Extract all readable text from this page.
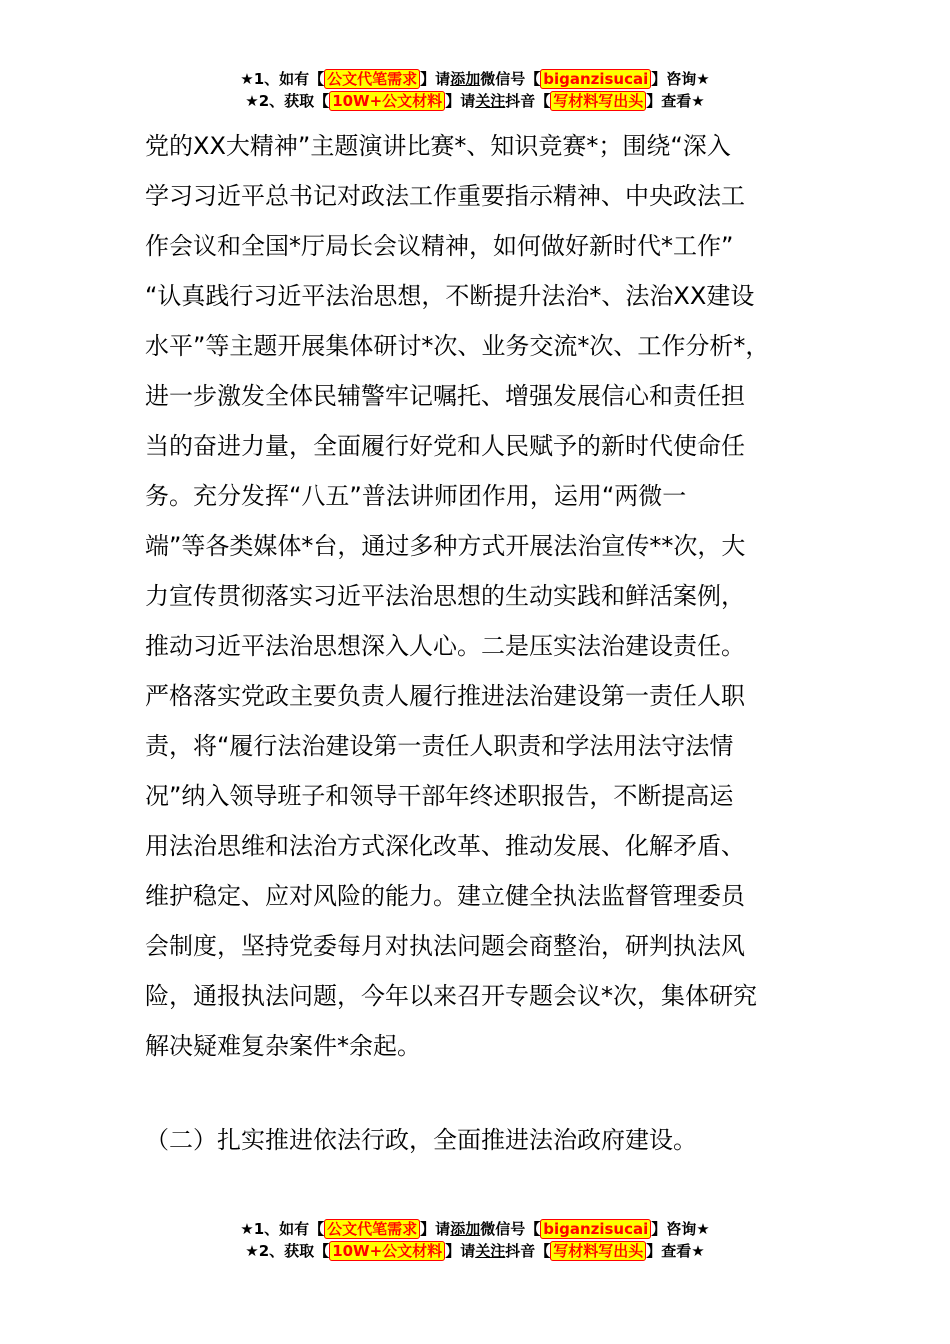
★1、如有【 公文代笔需求 】请添加微信号【 biganzisucai 】咨询★
★2、获取【 10W+公文材料 】请关注抖音【 写材料写出头 】查看★
党的XX大精神”主题演讲比赛*、知识竞赛*；围绕“深入
学习习近平总书记对政法工作重要指示精神、中央政法工
作会议和全国*厅局长会议精神，如何做好新时代*工作”
“认真践行习近平法治思想，不断提升法治*、法治XX建设
水平”等主题开展集体研讨*次、业务交流*次、工作分析*，
进一步激发全体民辅警牢记嘱托、增强发展信心和责任担
当的奋进力量，全面履行好党和人民赋予的新时代使命任
务。充分发挥“八五”普法讲师团作用，运用“两微一
端”等各类媒体*台，通过多种方式开展法治宣传**次，大
力宣传贯彻落实习近平法治思想的生动实践和鲜活案例，
推动习近平法治思想深入人心。二是压实法治建设责任。
严格落实党政主要负责人履行推进法治建设第一责任人职
责，将“履行法治建设第一责任人职责和学法用法守法情
况”纳入领导班子和领导干部年终述职报告，不断提高运
用法治思维和法治方式深化改革、推动发展、化解矛盾、
维护稳定、应对风险的能力。建立健全执法监督管理委员
会制度，坚持党委每月对执法问题会商整治，研判执法风
险，通报执法问题，今年以来召开专题会议*次，集体研究
解决疑难复杂案件*余起。
（二）扎实推进依法行政，全面推进法治政府建设。
★1、如有【 公文代笔需求 】请添加微信号【 biganzisucai 】咨询★
★2、获取【 10W+公文材料 】请关注抖音【 写材料写出头 】查看★
